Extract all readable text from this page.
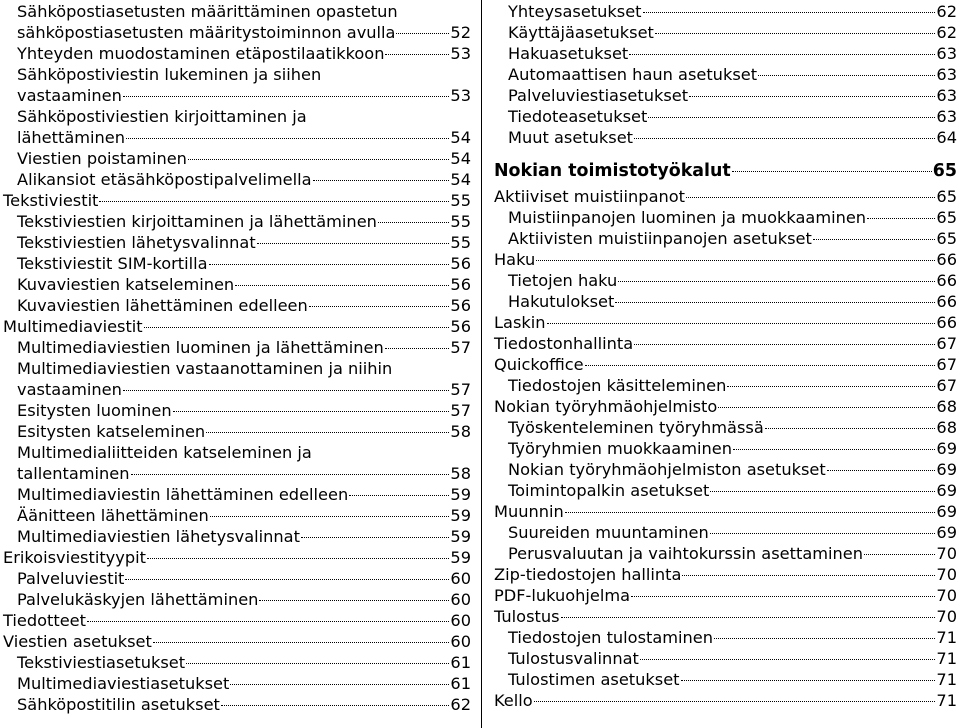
Sähköpostiasetusten määrittäminen opastetun
sähköpostiasetusten määritystoiminnon avulla	52
Yhteyden muodostaminen etäpostilaatikkoon	53
Sähköpostiviestin lukeminen ja siihen
vastaaminen	53
Sähköpostiviestien kirjoittaminen ja
lähettäminen	54
Viestien poistaminen	54
Alikansiot etäsähköpostipalvelimella	54
Tekstiviestit	55
Tekstiviestien kirjoittaminen ja lähettäminen	55
Tekstiviestien lähetysvalinnat	55
Tekstiviestit SIM-kortilla	56
Kuvaviestien katseleminen	56
Kuvaviestien lähettäminen edelleen	56
Multimediaviestit	56
Multimediaviestien luominen ja lähettäminen	57
Multimediaviestien vastaanottaminen ja niihin
vastaaminen	57
Esitysten luominen	57
Esitysten katseleminen	58
Multimedialiitteiden katseleminen ja
tallentaminen	58
Multimediaviestin lähettäminen edelleen	59
Äänitteen lähettäminen	59
Multimediaviestien lähetysvalinnat	59
Erikoisviestityypit	59
Palveluviestit	60
Palvelukäskyjen lähettäminen	60
Tiedotteet	60
Viestien asetukset	60
Tekstiviestiasetukset	61
Multimediaviestiasetukset	61
Sähköpostitilin asetukset	62
Yhteysasetukset	62
Käyttäjäasetukset	62
Hakuasetukset	63
Automaattisen haun asetukset	63
Palveluviestiasetukset	63
Tiedoteasetukset	63
Muut asetukset	64
Nokian toimistotyökalut	65
Aktiiviset muistiinpanot	65
Muistiinpanojen luominen ja muokkaaminen	65
Aktiivisten muistiinpanojen asetukset	65
Haku	66
Tietojen haku	66
Hakutulokset	66
Laskin	66
Tiedostonhallinta	67
Quickoffice	67
Tiedostojen käsitteleminen	67
Nokian työryhmäohjelmisto	68
Työskenteleminen työryhmässä	68
Työryhmien muokkaaminen	69
Nokian työryhmäohjelmiston asetukset	69
Toimintopalkin asetukset	69
Muunnin	69
Suureiden muuntaminen	69
Perusvaluutan ja vaihtokurssin asettaminen	70
Zip-tiedostojen hallinta	70
PDF-lukuohjelma	70
Tulostus	70
Tiedostojen tulostaminen	71
Tulostusvalinnat	71
Tulostimen asetukset	71
Kello	71
